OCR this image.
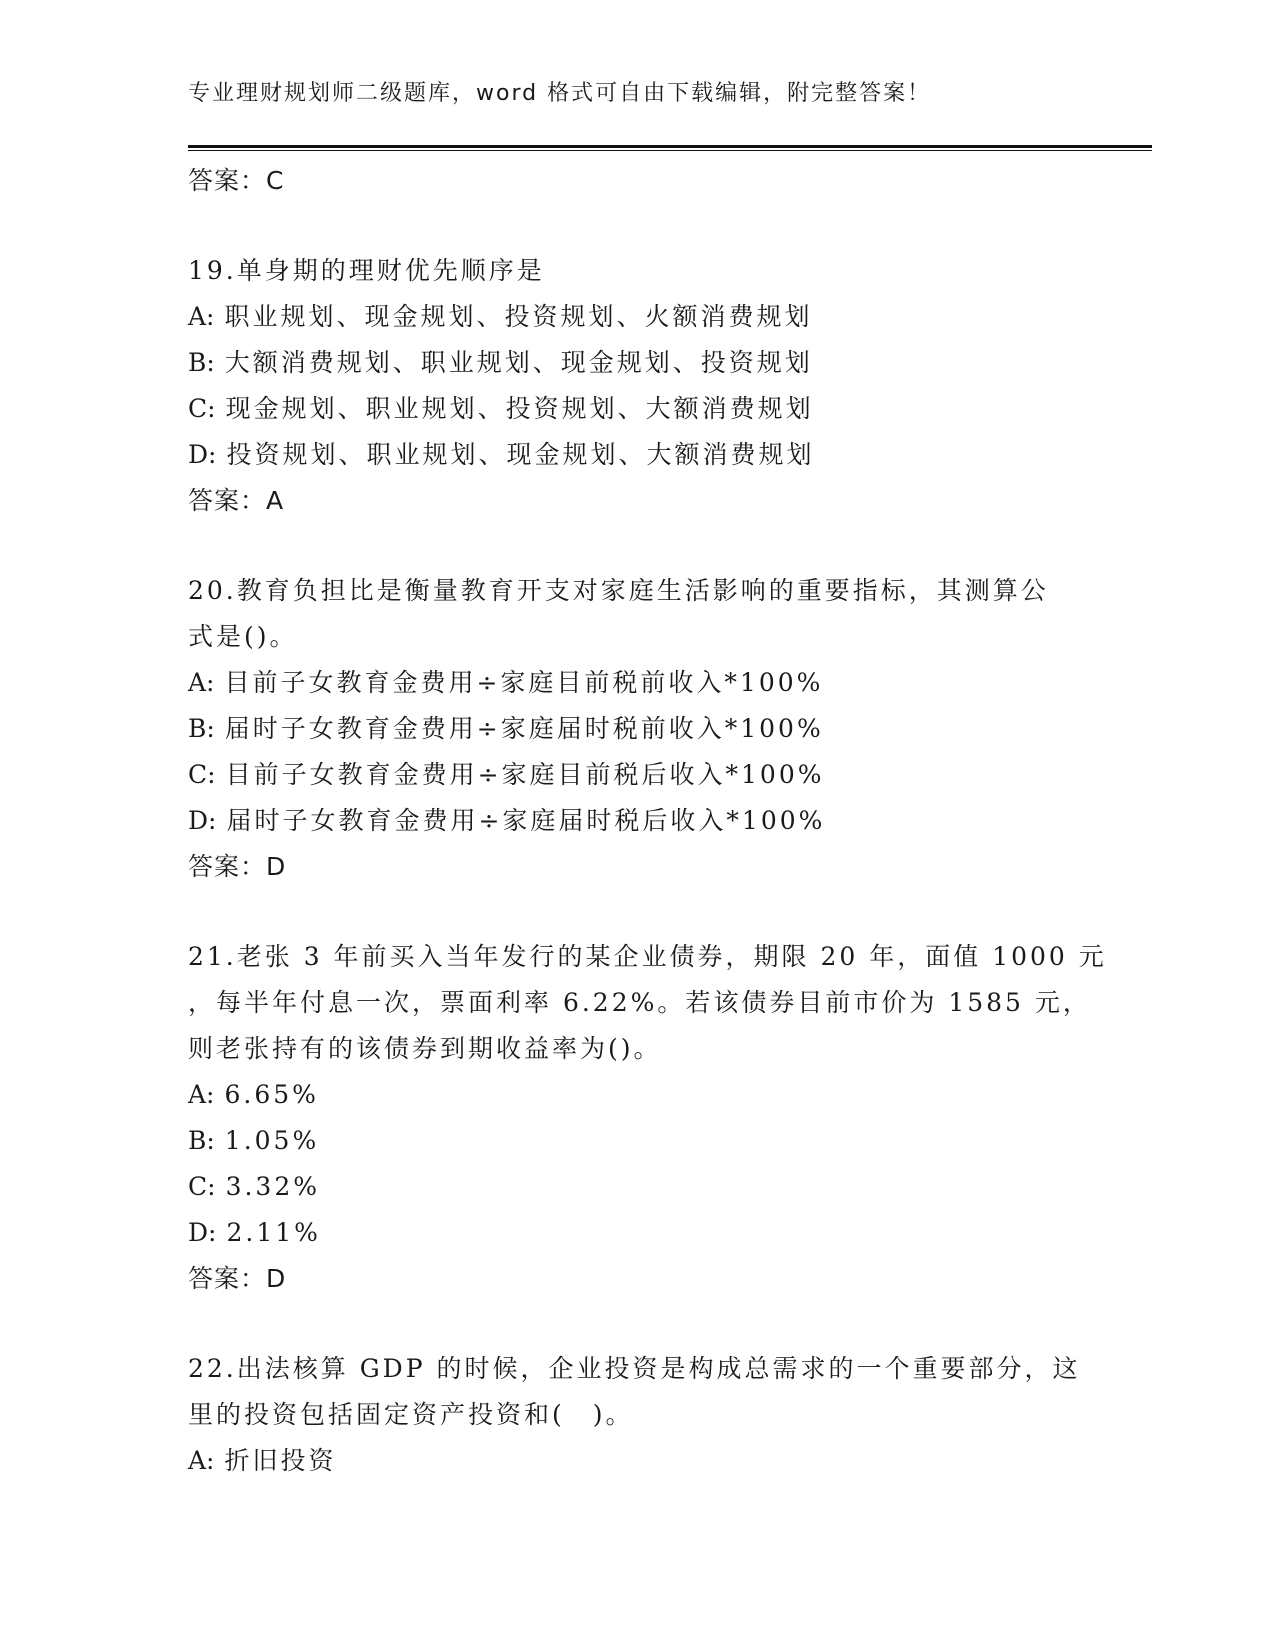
专业理财规划师二级题库，word 格式可自由下载编辑，附完整答案！
答案：C
19.单身期的理财优先顺序是
A: 职业规划、现金规划、投资规划、火额消费规划
B: 大额消费规划、职业规划、现金规划、投资规划
C: 现金规划、职业规划、投资规划、大额消费规划
D: 投资规划、职业规划、现金规划、大额消费规划
答案：A
20.教育负担比是衡量教育开支对家庭生活影响的重要指标，其测算公
式是()。
A: 目前子女教育金费用÷家庭目前税前收入*100%
B: 届时子女教育金费用÷家庭届时税前收入*100%
C: 目前子女教育金费用÷家庭目前税后收入*100%
D: 届时子女教育金费用÷家庭届时税后收入*100%
答案：D
21.老张 3 年前买入当年发行的某企业债券，期限 20 年，面值 1000 元
，每半年付息一次，票面利率 6.22%。若该债券目前市价为 1585 元，
则老张持有的该债券到期收益率为()。
A: 6.65%
B: 1.05%
C: 3.32%
D: 2.11%
答案：D
22.出法核算 GDP 的时候，企业投资是构成总需求的一个重要部分，这
里的投资包括固定资产投资和(　)。
A: 折旧投资
